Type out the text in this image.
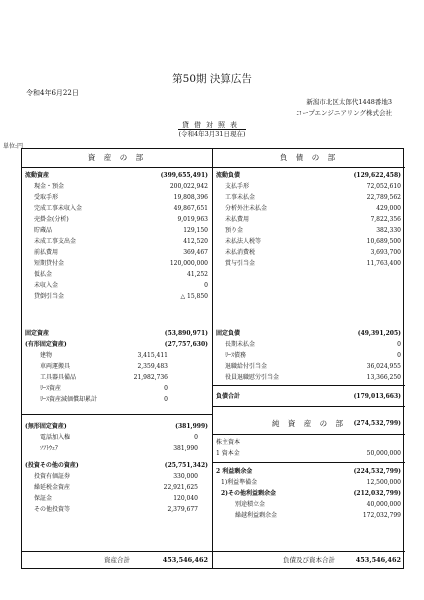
第50期 決算広告
令和4年6月22日
新潟市北区太郎代1448番地3
コープエンジニアリング株式会社
貸借対照表
(令和4年3月31日現在)
単位:円
資 産 の 部
流動資産	(399,655,491)
現金・預金	200,022,942
受取手形	19,808,396
完成工事未収入金	49,867,651
売掛金(分析)	9,019,963
貯蔵品	129,150
未成工事支出金	412,520
前払費用	369,467
短期貸付金	120,000,000
仮払金	41,252
未収入金	0
貸倒引当金	△ 15,850
固定資産	(53,890,971)
(有形固定資産)	(27,757,630)
建物	3,415,411
車両運搬具	2,359,483
工具器具備品	21,982,736
ﾘｰｽ資産	0
ﾘｰｽ資産減価償却累計	0
(無形固定資産)	(381,999)
電話加入権	0
ｿﾌﾄｳｪｱ	381,990
(投資その他の資産)	(25,751,342)
投資有価証券	330,000
繰延税金資産	22,921,625
保証金	120,040
その他投資等	2,379,677
資産合計	453,546,462
負 債 の 部
流動負債	(129,622,458)
支払手形	72,052,610
工事未払金	22,789,562
分析外注未払金	429,000
未払費用	7,822,356
預り金	382,330
未払法人税等	10,689,500
未払消費税	3,693,700
賞与引当金	11,763,400
固定負債	(49,391,205)
長期未払金	0
ﾘｰｽ債務	0
退職給付引当金	36,024,955
役員退職慰労引当金	13,366,250
負債合計	(179,013,663)
純 資 産 の 部	(274,532,799)
株主資本
1 資本金	50,000,000
2 利益剰余金	(224,532,799)
1)利益準備金	12,500,000
2)その他利益剰余金	(212,032,799)
別途積立金	40,000,000
繰越利益剰余金	172,032,799
負債及び資本合計	453,546,462
